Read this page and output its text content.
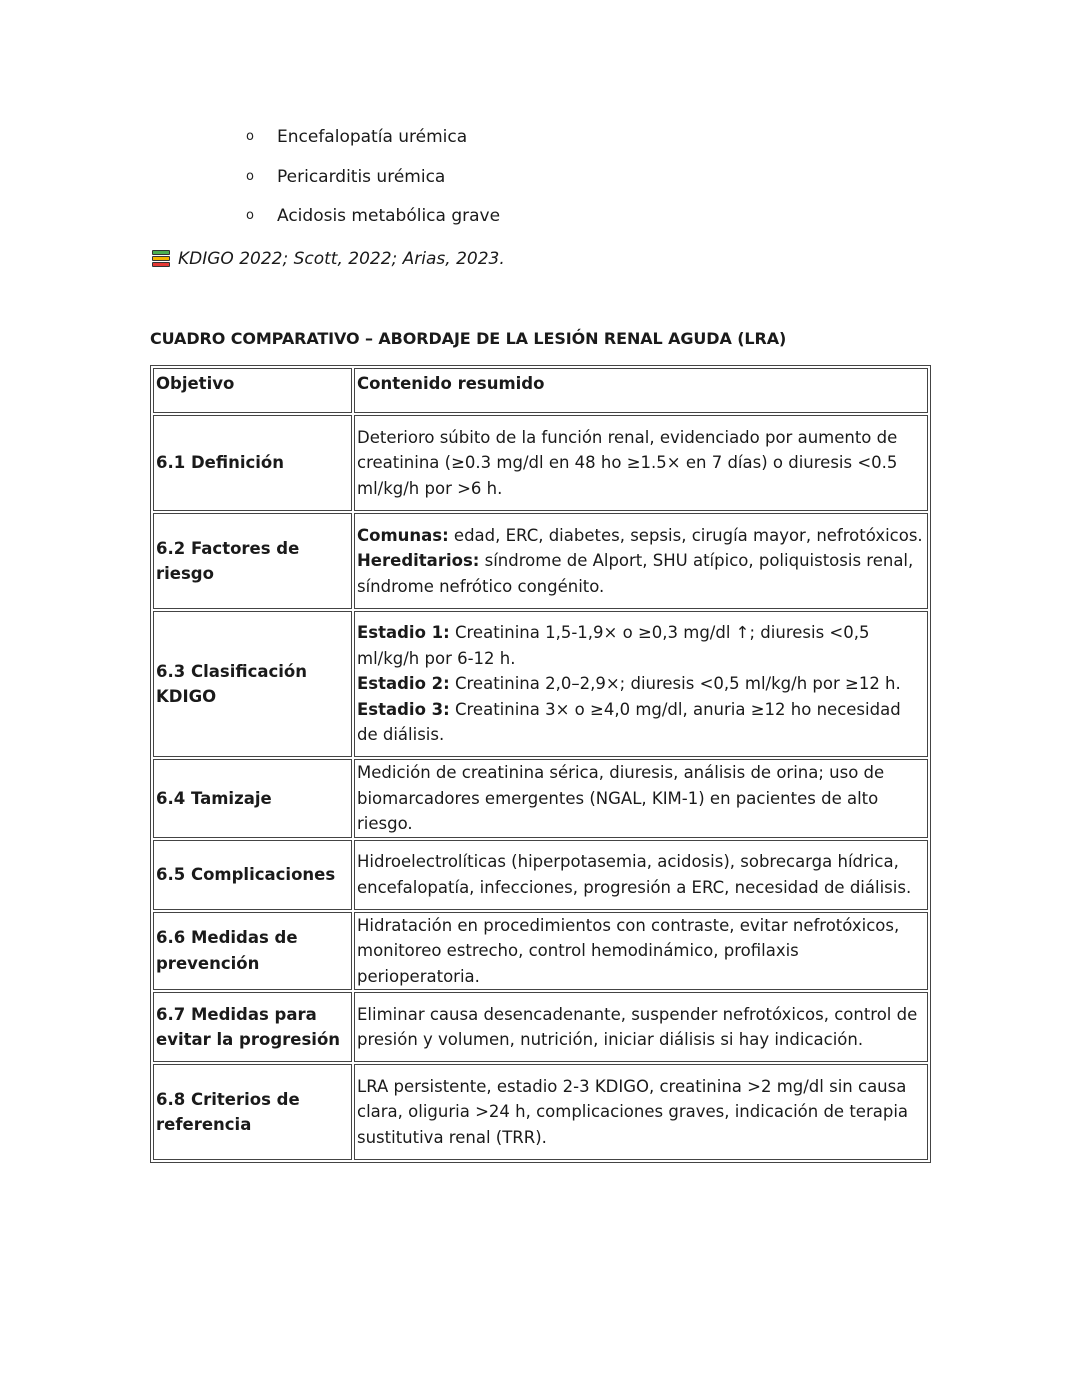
o	Encefalopatía urémica
o	Pericarditis urémica
o	Acidosis metabólica grave
KDIGO 2022; Scott, 2022; Arias, 2023.
CUADRO COMPARATIVO – ABORDAJE DE LA LESIÓN RENAL AGUDA (LRA)
Objetivo	Contenido resumido
6.1 Definición	Deterioro súbito de la función renal, evidenciado por aumento de creatinina (≥0.3 mg/dl en 48 ho ≥1.5× en 7 días) o diuresis <0.5 ml/kg/h por >6 h.
6.2 Factores de riesgo	Comunas: edad, ERC, diabetes, sepsis, cirugía mayor, nefrotóxicos.
Hereditarios: síndrome de Alport, SHU atípico, poliquistosis renal, síndrome nefrótico congénito.
6.3 Clasificación KDIGO	Estadio 1: Creatinina 1,5-1,9× o ≥0,3 mg/dl ↑; diuresis <0,5 ml/kg/h por 6-12 h.
Estadio 2: Creatinina 2,0–2,9×; diuresis <0,5 ml/kg/h por ≥12 h.
Estadio 3: Creatinina 3× o ≥4,0 mg/dl, anuria ≥12 ho necesidad de diálisis.
6.4 Tamizaje	Medición de creatinina sérica, diuresis, análisis de orina; uso de biomarcadores emergentes (NGAL, KIM-1) en pacientes de alto riesgo.
6.5 Complicaciones	Hidroelectrolíticas (hiperpotasemia, acidosis), sobrecarga hídrica, encefalopatía, infecciones, progresión a ERC, necesidad de diálisis.
6.6 Medidas de prevención	Hidratación en procedimientos con contraste, evitar nefrotóxicos, monitoreo estrecho, control hemodinámico, profilaxis perioperatoria.
6.7 Medidas para evitar la progresión	Eliminar causa desencadenante, suspender nefrotóxicos, control de presión y volumen, nutrición, iniciar diálisis si hay indicación.
6.8 Criterios de referencia	LRA persistente, estadio 2-3 KDIGO, creatinina >2 mg/dl sin causa clara, oliguria >24 h, complicaciones graves, indicación de terapia sustitutiva renal (TRR).
